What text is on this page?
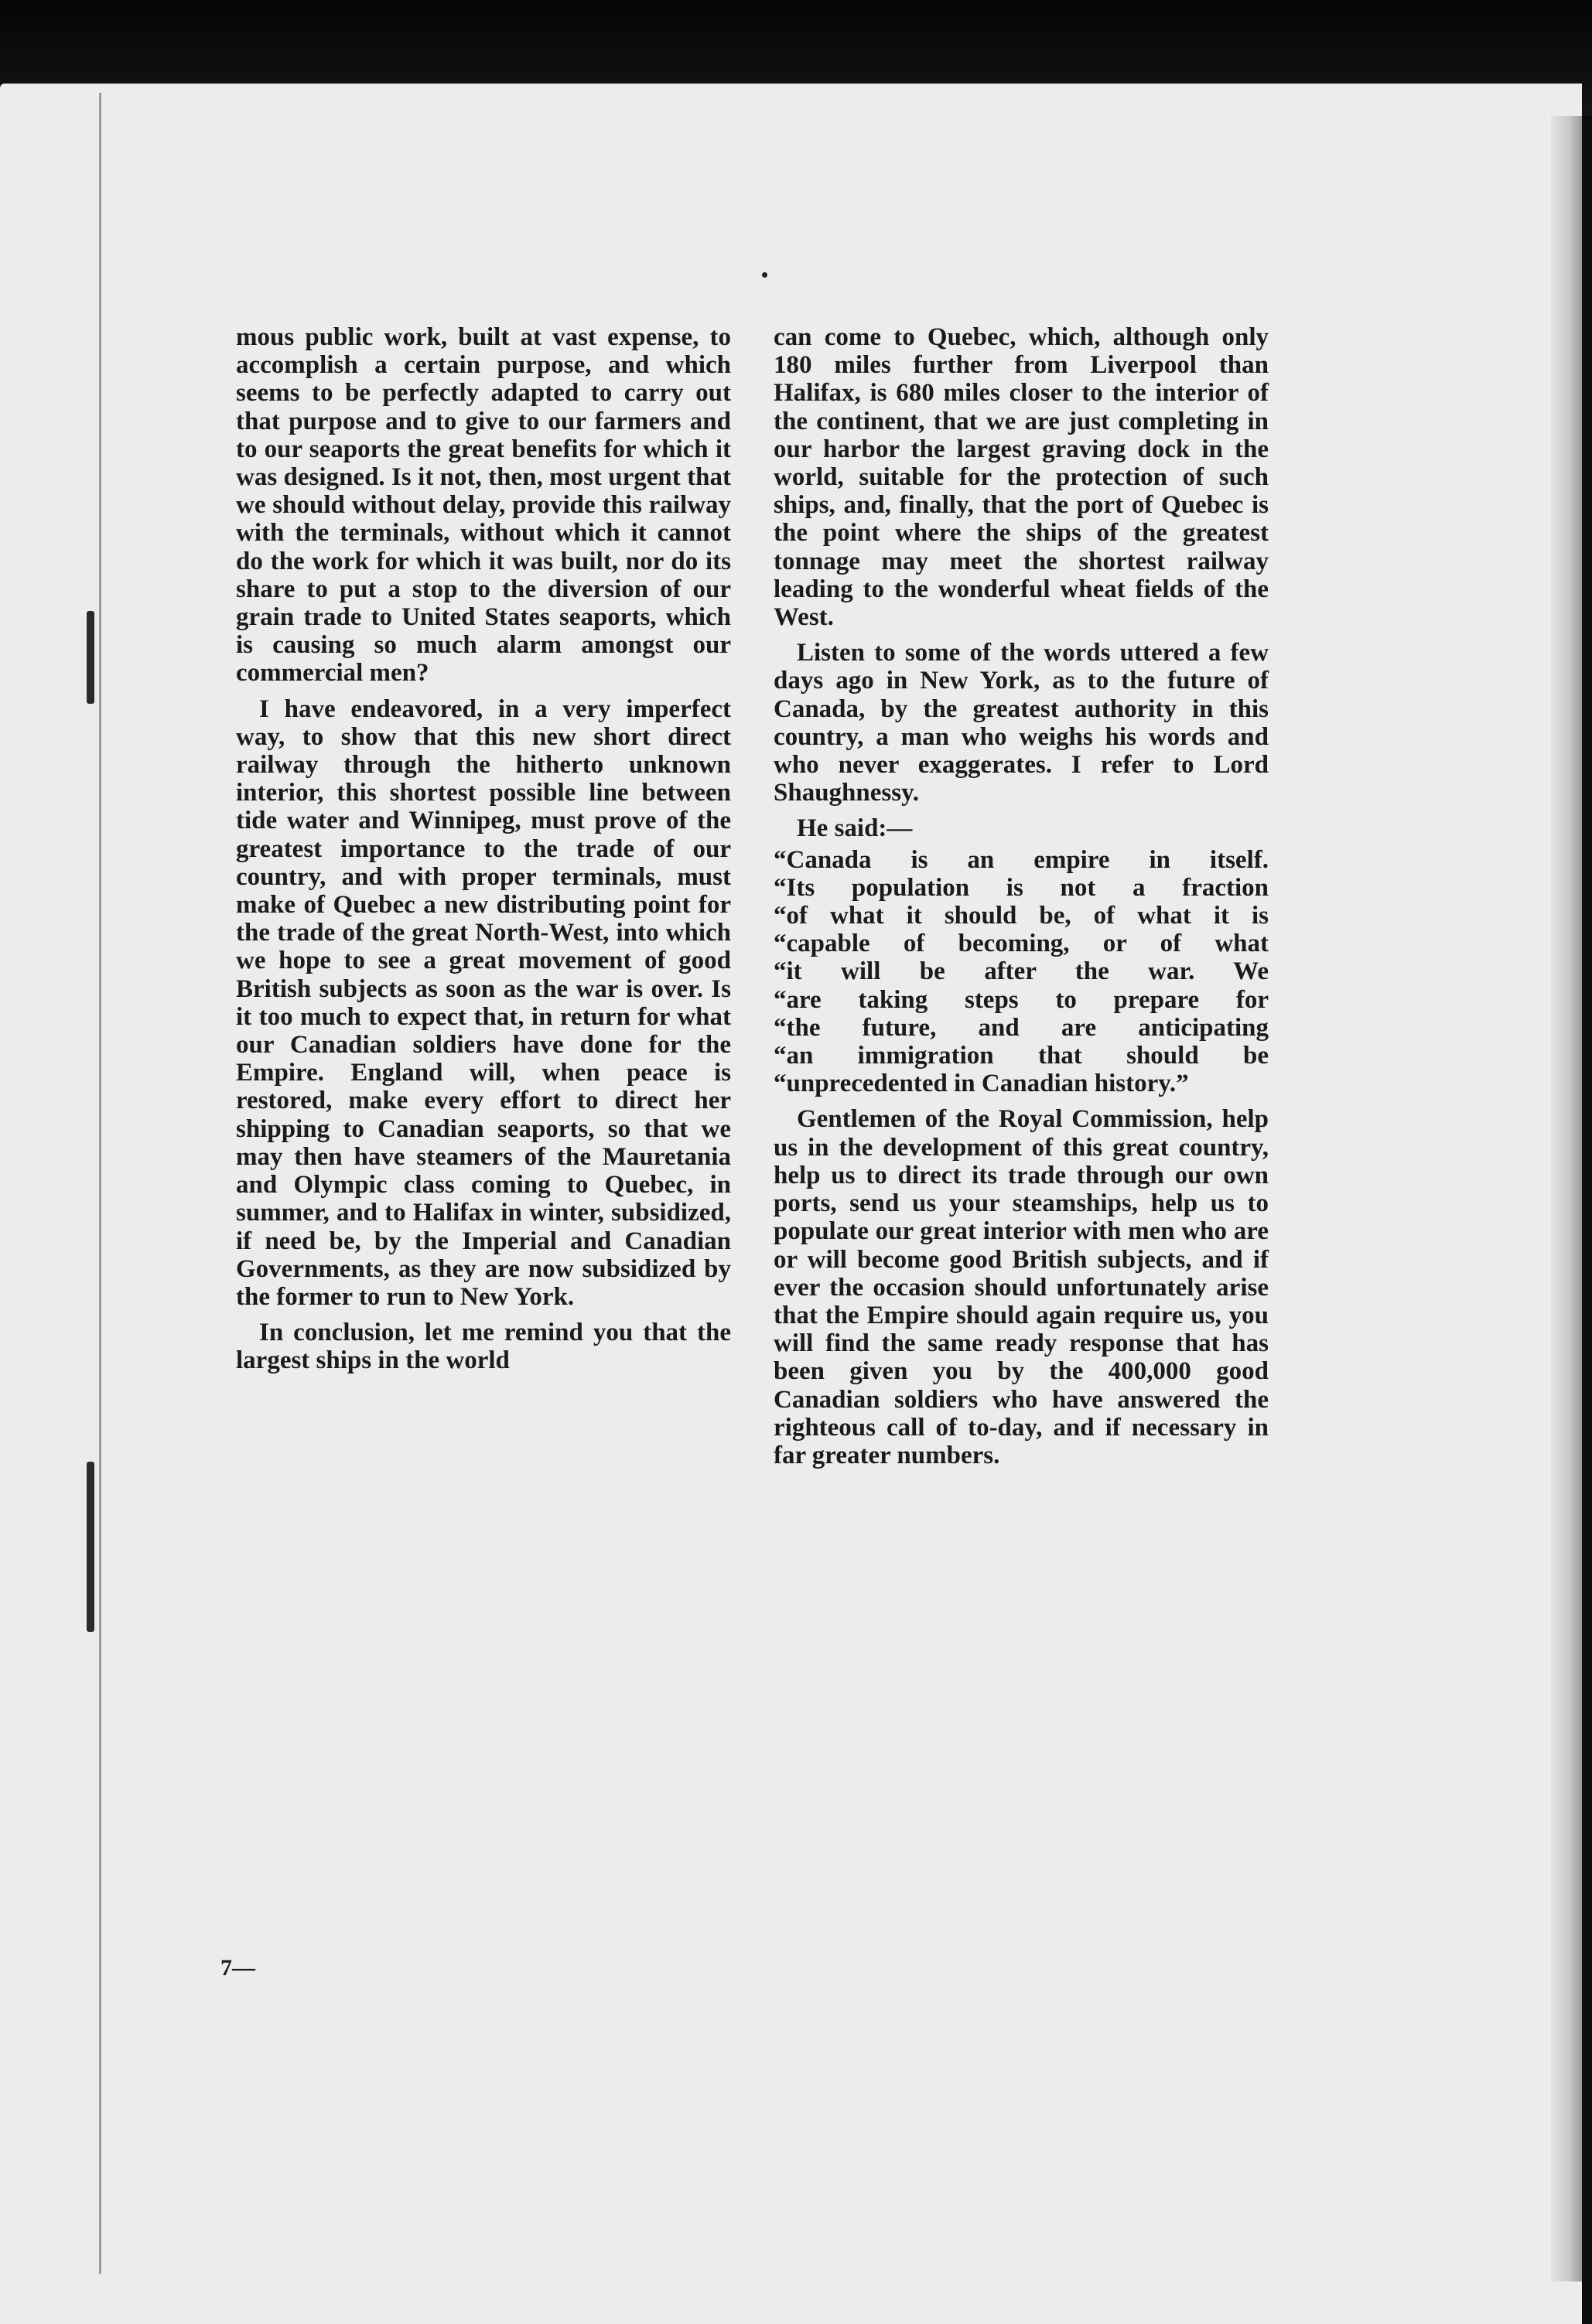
mous public work, built at vast expense, to accomplish a certain purpose, and which seems to be perfectly adapted to carry out that purpose and to give to our farmers and to our seaports the great benefits for which it was designed. Is it not, then, most urgent that we should without delay, provide this railway with the terminals, without which it cannot do the work for which it was built, nor do its share to put a stop to the diversion of our grain trade to United States seaports, which is causing so much alarm amongst our commercial men?

I have endeavored, in a very imperfect way, to show that this new short direct railway through the hitherto unknown interior, this shortest possible line between tide water and Winnipeg, must prove of the greatest importance to the trade of our country, and with proper terminals, must make of Quebec a new distributing point for the trade of the great North-West, into which we hope to see a great movement of good British subjects as soon as the war is over. Is it too much to expect that, in return for what our Canadian soldiers have done for the Empire. England will, when peace is restored, make every effort to direct her shipping to Canadian seaports, so that we may then have steamers of the Mauretania and Olympic class coming to Quebec, in summer, and to Halifax in winter, subsidized, if need be, by the Imperial and Canadian Governments, as they are now subsidized by the former to run to New York.

In conclusion, let me remind you that the largest ships in the world

can come to Quebec, which, although only 180 miles further from Liverpool than Halifax, is 680 miles closer to the interior of the continent, that we are just completing in our harbor the largest graving dock in the world, suitable for the protection of such ships, and, finally, that the port of Quebec is the point where the ships of the greatest tonnage may meet the shortest railway leading to the wonderful wheat fields of the West.

Listen to some of the words uttered a few days ago in New York, as to the future of Canada, by the greatest authority in this country, a man who weighs his words and who never exaggerates. I refer to Lord Shaughnessy.

He said:—

“Canada is an empire in itself.
“Its population is not a fraction
“of what it should be, of what it is
“capable of becoming, or of what
“it will be after the war. We
“are taking steps to prepare for
“the future, and are anticipating
“an immigration that should be
“unprecedented in Canadian history.”

Gentlemen of the Royal Commission, help us in the development of this great country, help us to direct its trade through our own ports, send us your steamships, help us to populate our great interior with men who are or will become good British subjects, and if ever the occasion should unfortunately arise that the Empire should again require us, you will find the same ready response that has been given you by the 400,000 good Canadian soldiers who have answered the righteous call of to-day, and if necessary in far greater numbers.

7—
